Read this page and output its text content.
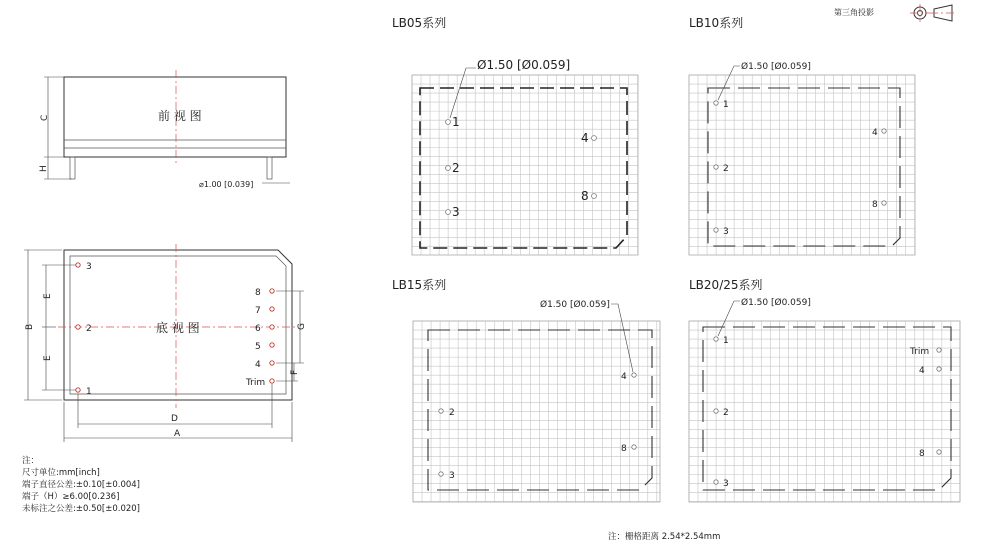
第三角投影
前 视 图
C
H
⌀1.00 [0.039]
底 视 图
3
2
1
8
7
6
5
4
Trim
B
E
E
G
F
D
A
注：
尺寸单位:mm[inch]
端子直径公差:±0.10[±0.004]
端子（H）≥6.00[0.236]
未标注之公差:±0.50[±0.020]
LB05系列
1
2
3
4
8
Ø1.50 [Ø0.059]
LB10系列
1
2
3
4
8
Ø1.50 [Ø0.059]
LB15系列
2
3
4
8
Ø1.50 [Ø0.059]
LB20/25系列
1
2
3
Trim
4
8
Ø1.50 [Ø0.059]
注：栅格距离 2.54*2.54mm
